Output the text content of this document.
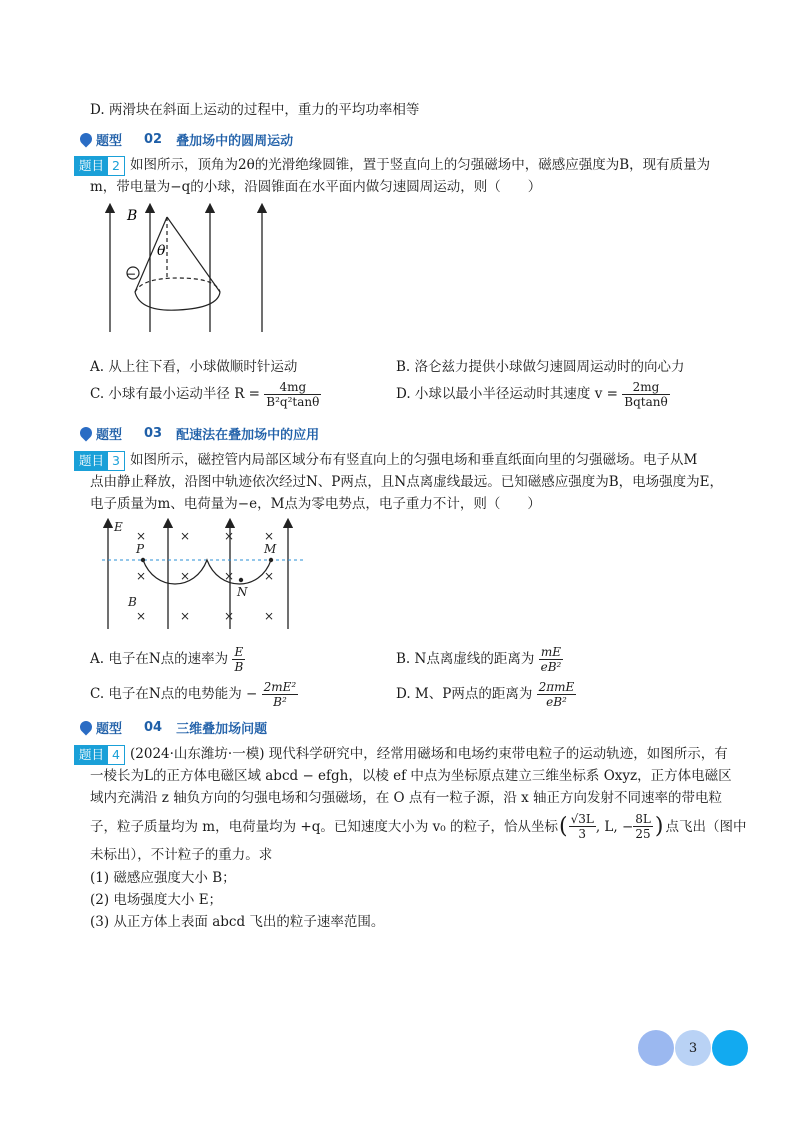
D. 两滑块在斜面上运动的过程中，重力的平均功率相等
题型 02 叠加场中的圆周运动
题目 2 如图所示，顶角为2θ的光滑绝缘圆锥，置于竖直向上的匀强磁场中，磁感应强度为B，现有质量为
m，带电量为−q的小球，沿圆锥面在水平面内做匀速圆周运动，则（　　）
−
B
θ
A. 从上往下看，小球做顺时针运动	B. 洛仑兹力提供小球做匀速圆周运动时的向心力
C. 小球有最小运动半径 $R = \frac{4mg}{\text{B²q²tanθ}}$	D. 小球以最小半径运动时其速度 $v = \frac{2mg}{Bqtan\theta}$
题型 03 配速法在叠加场中的应用
题目 3 如图所示，磁控管内局部区域分布有竖直向上的匀强电场和垂直纸面向里的匀强磁场。电子从M
点由静止释放，沿图中轨迹依次经过N、P两点，且N点离虚线最远。已知磁感应强度为B，电场强度为E，
电子质量为m、电荷量为−e，M点为零电势点，电子重力不计，则（　　）
×	×	× ×
×	×	× ×
×	×	× ×
E
P	M
N
B
A. 电子在N点的速率为 $\frac{E}{B}$	B. N点离虚线的距离为 $\frac{mE}{\text{eB²}}$
C. 电子在N点的电势能为 − $\frac{\text{2mE²}}{\text{B²}}$	D. M、P两点的距离为 $\frac{\text{2πmE}}{\text{eB²}}$
题型 04 三维叠加场问题
题目 4 (2024·山东潍坊·一模) 现代科学研究中，经常用磁场和电场约束带电粒子的运动轨迹，如图所示，有
一棱长为L的正方体电磁区域 abcd − efgh，以棱 ef 中点为坐标原点建立三维坐标系 Oxyz，正方体电磁区
域内充满沿 z 轴负方向的匀强电场和匀强磁场，在 O 点有一粒子源，沿 x 轴正方向发射不同速率的带电粒
子，粒子质量均为 m，电荷量均为 +q。已知速度大小为 v₀ 的粒子，恰从坐标 ( $\frac{√3L}{3}$ , L, − $\frac{8L}{25}$ ) 点飞出（图中
未标出），不计粒子的重力。求
(1) 磁感应强度大小 B；
(2) 电场强度大小 E；
(3) 从正方体上表面 abcd 飞出的粒子速率范围。
3
